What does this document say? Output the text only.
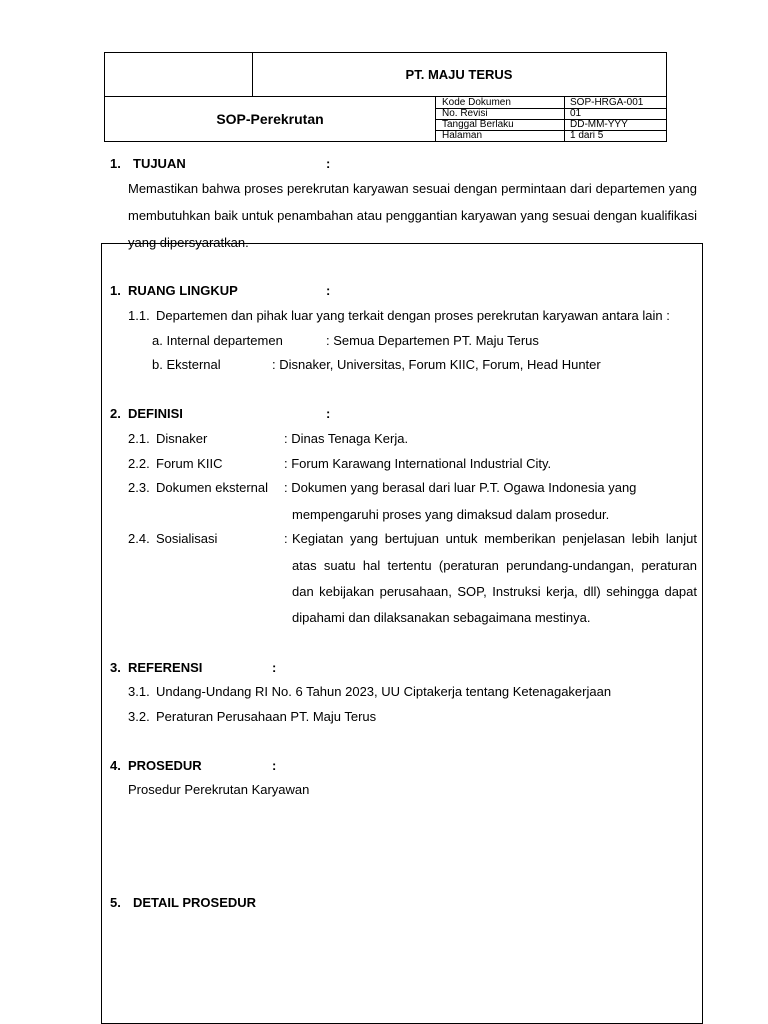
PT. MAJU TERUS
SOP-Perekrutan
Kode Dokumen	SOP-HRGA-001
No. Revisi	01
Tanggal Berlaku	DD-MM-YYY
Halaman	1 dari 5
1. TUJUAN	:
Memastikan bahwa proses perekrutan karyawan sesuai dengan permintaan dari departemen yang
membutuhkan baik untuk penambahan atau penggantian karyawan yang sesuai dengan kualifikasi
yang dipersyaratkan.
1. RUANG LINGKUP	:
1.1. Departemen dan pihak luar yang terkait dengan proses perekrutan karyawan antara lain :
a. Internal departemen	: Semua Departemen PT. Maju Terus
b. Eksternal	: Disnaker, Universitas, Forum KIIC, Forum, Head Hunter
2. DEFINISI	:
2.1. Disnaker	: Dinas Tenaga Kerja.
2.2. Forum KIIC	: Forum Karawang International Industrial City.
2.3. Dokumen eksternal : Dokumen yang berasal dari luar P.T. Ogawa Indonesia yang
mempengaruhi proses yang dimaksud dalam prosedur.
2.4. Sosialisasi	: Kegiatan yang bertujuan untuk memberikan penjelasan lebih lanjut
atas suatu hal tertentu (peraturan perundang-undangan, peraturan
dan kebijakan perusahaan, SOP, Instruksi kerja, dll) sehingga dapat
dipahami dan dilaksanakan sebagaimana mestinya.
3. REFERENSI	:
3.1. Undang-Undang RI No. 6 Tahun 2023, UU Ciptakerja tentang Ketenagakerjaan
3.2. Peraturan Perusahaan PT. Maju Terus
4. PROSEDUR	:
Prosedur Perekrutan Karyawan
5. DETAIL PROSEDUR
